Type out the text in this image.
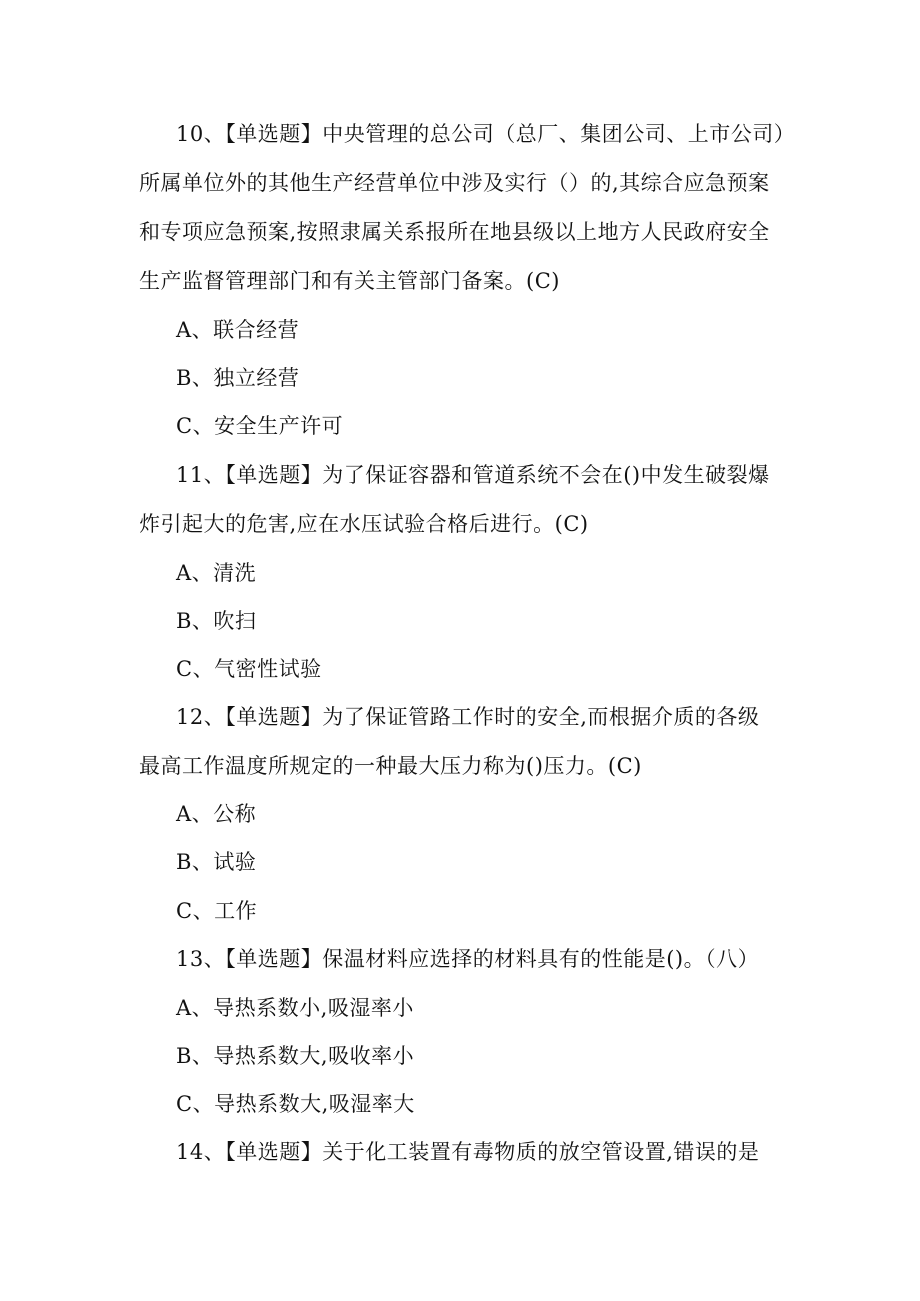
10、【单选题】中央管理的总公司（总厂、集团公司、上市公司）
所属单位外的其他生产经营单位中涉及实行（）的,其综合应急预案
和专项应急预案,按照隶属关系报所在地县级以上地方人民政府安全
生产监督管理部门和有关主管部门备案。(C)
A、联合经营
B、独立经营
C、安全生产许可
11、【单选题】为了保证容器和管道系统不会在()中发生破裂爆
炸引起大的危害,应在水压试验合格后进行。(C)
A、清洗
B、吹扫
C、气密性试验
12、【单选题】为了保证管路工作时的安全,而根据介质的各级
最高工作温度所规定的一种最大压力称为()压力。(C)
A、公称
B、试验
C、工作
13、【单选题】保温材料应选择的材料具有的性能是()。（八）
A、导热系数小,吸湿率小
B、导热系数大,吸收率小
C、导热系数大,吸湿率大
14、【单选题】关于化工装置有毒物质的放空管设置,错误的是
